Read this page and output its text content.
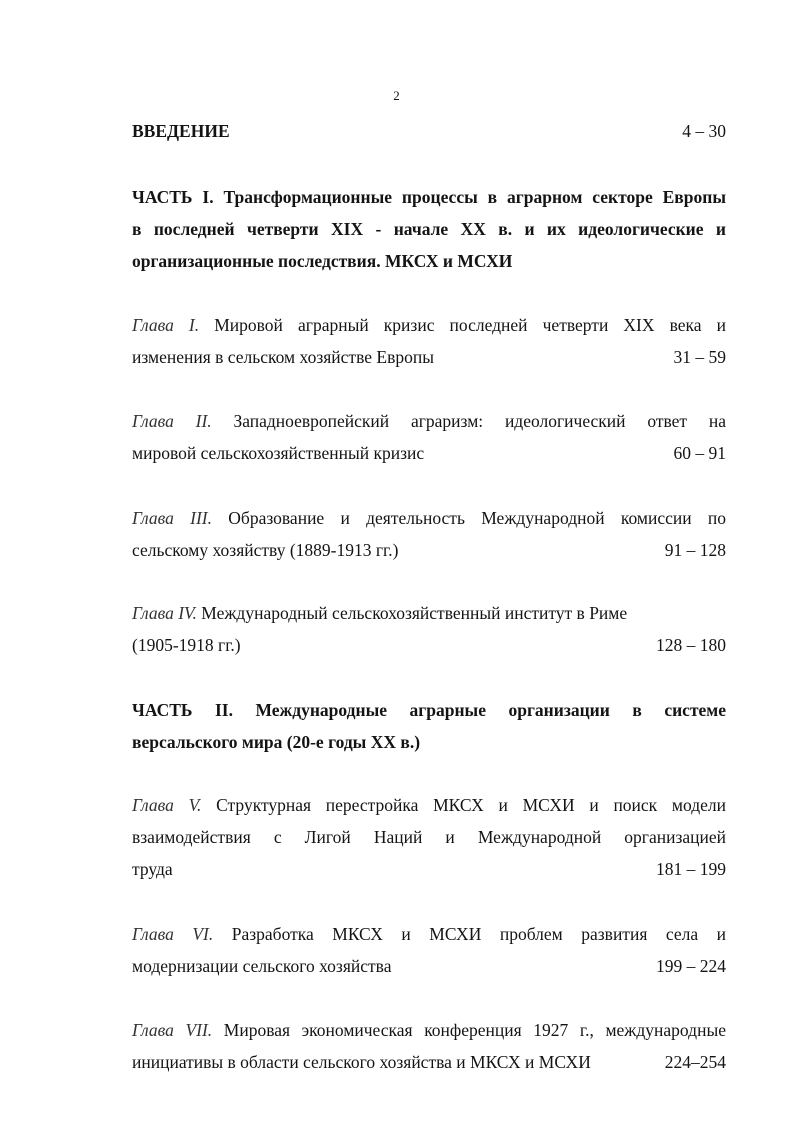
2
ВВЕДЕНИЕ	4 – 30
ЧАСТЬ I. Трансформационные процессы в аграрном секторе Европы
в последней четверти XIX - начале XX в. и их идеологические и
организационные последствия. МКСХ и МСХИ
Глава I. Мировой аграрный кризис последней четверти XIX века и
изменения в сельском хозяйстве Европы	31 – 59
Глава II. Западноевропейский аграризм: идеологический ответ на
мировой сельскохозяйственный кризис	60 – 91
Глава III. Образование и деятельность Международной комиссии по
сельскому хозяйству (1889-1913 гг.)	91 – 128
Глава IV. Международный сельскохозяйственный институт в Риме
(1905-1918 гг.)	128 – 180
ЧАСТЬ II. Международные аграрные организации в системе
версальского мира (20-е годы XX в.)
Глава V. Структурная перестройка МКСХ и МСХИ и поиск модели
взаимодействия с Лигой Наций и Международной организацией
труда	181 – 199
Глава VI. Разработка МКСХ и МСХИ проблем развития села и
модернизации сельского хозяйства	199 – 224
Глава VII. Мировая экономическая конференция 1927 г., международные
инициативы в области сельского хозяйства и МКСХ и МСХИ	224–254
